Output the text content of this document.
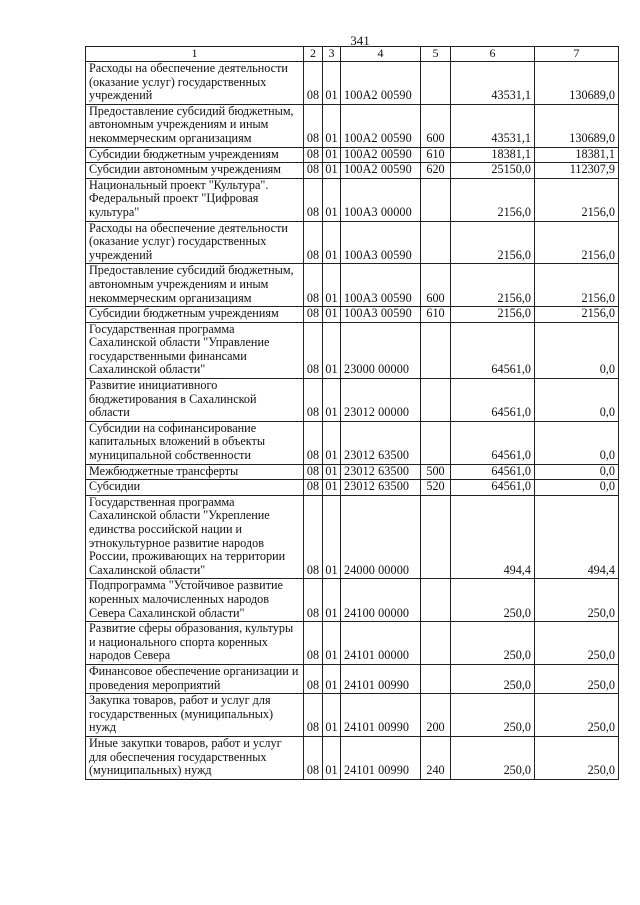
341
1	2	3	4	5	6	7
Расходы на обеспечение деятельности (оказание услуг) государственных учреждений	08	01	100А2 00590		43531,1	130689,0
Предоставление субсидий бюджетным, автономным учреждениям и иным некоммерческим организациям	08	01	100А2 00590	600	43531,1	130689,0
Субсидии бюджетным учреждениям	08	01	100А2 00590	610	18381,1	18381,1
Субсидии автономным учреждениям	08	01	100А2 00590	620	25150,0	112307,9
Национальный проект "Культура". Федеральный проект "Цифровая культура"	08	01	100А3 00000		2156,0	2156,0
Расходы на обеспечение деятельности (оказание услуг) государственных учреждений	08	01	100А3 00590		2156,0	2156,0
Предоставление субсидий бюджетным, автономным учреждениям и иным некоммерческим организациям	08	01	100А3 00590	600	2156,0	2156,0
Субсидии бюджетным учреждениям	08	01	100А3 00590	610	2156,0	2156,0
Государственная программа Сахалинской области "Управление государственными финансами Сахалинской области"	08	01	23000 00000		64561,0	0,0
Развитие инициативного бюджетирования в Сахалинской области	08	01	23012 00000		64561,0	0,0
Субсидии на софинансирование капитальных вложений в объекты муниципальной собственности	08	01	23012 63500		64561,0	0,0
Межбюджетные трансферты	08	01	23012 63500	500	64561,0	0,0
Субсидии	08	01	23012 63500	520	64561,0	0,0
Государственная программа Сахалинской области "Укрепление единства российской нации и этнокультурное развитие народов России, проживающих на территории Сахалинской области"	08	01	24000 00000		494,4	494,4
Подпрограмма "Устойчивое развитие коренных малочисленных народов Севера Сахалинской области"	08	01	24100 00000		250,0	250,0
Развитие сферы образования, культуры и национального спорта коренных народов Севера	08	01	24101 00000		250,0	250,0
Финансовое обеспечение организации и проведения мероприятий	08	01	24101 00990		250,0	250,0
Закупка товаров, работ и услуг для государственных (муниципальных) нужд	08	01	24101 00990	200	250,0	250,0
Иные закупки товаров, работ и услуг для обеспечения государственных (муниципальных) нужд	08	01	24101 00990	240	250,0	250,0
